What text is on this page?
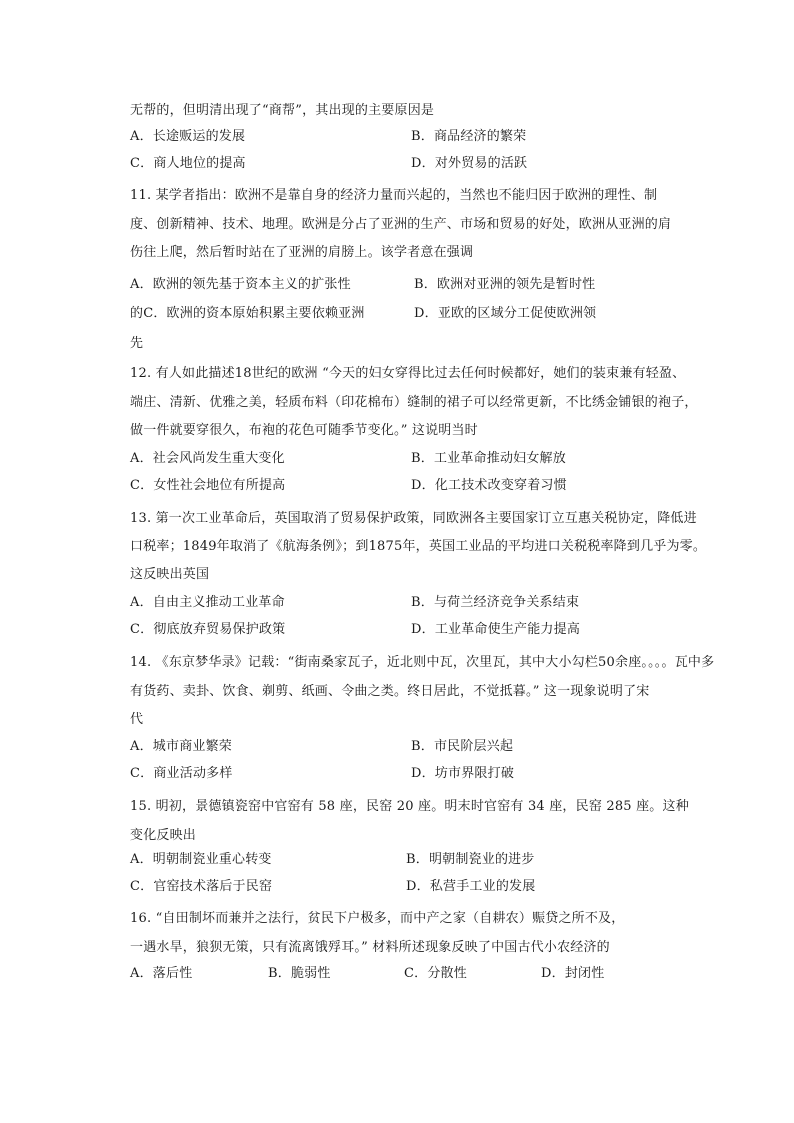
无帮的，但明清出现了“商帮”，其出现的主要原因是
A．长途贩运的发展	B．商品经济的繁荣
C．商人地位的提高	D．对外贸易的活跃
11. 某学者指出：欧洲不是靠自身的经济力量而兴起的，当然也不能归因于欧洲的理性、制
度、创新精神、技术、地理。欧洲是分占了亚洲的生产、市场和贸易的好处，欧洲从亚洲的肩
伤往上爬，然后暂时站在了亚洲的肩膀上。该学者意在强调
A．欧洲的领先基于资本主义的扩张性	B．欧洲对亚洲的领先是暂时性
的C．欧洲的资本原始积累主要依赖亚洲	D．亚欧的区域分工促使欧洲领
先
12. 有人如此描述18世纪的欧洲 “今天的妇女穿得比过去任何时候都好，她们的装束兼有轻盈、
端庄、清新、优雅之美，轻质布料（印花棉布）缝制的裙子可以经常更新，不比绣金铺银的袍子，
做一件就要穿很久，布袍的花色可随季节变化。” 这说明当时
A．社会风尚发生重大变化	B．工业革命推动妇女解放
C．女性社会地位有所提高	D．化工技术改变穿着习惯
13. 第一次工业革命后，英国取消了贸易保护政策，同欧洲各主要国家订立互惠关税协定，降低进
口税率；1849年取消了《航海条例》；到1875年，英国工业品的平均进口关税税率降到几乎为零。
这反映出英国
A．自由主义推动工业革命	B．与荷兰经济竞争关系结束
C．彻底放弃贸易保护政策	D．工业革命使生产能力提高
14. 《东京梦华录》记载：“街南桑家瓦子，近北则中瓦，次里瓦，其中大小勾栏50余座。。。。瓦中多
有货药、卖卦、饮食、剃剪、纸画、令曲之类。终日居此，不觉抵暮。” 这一现象说明了宋
代
A．城市商业繁荣	B．市民阶层兴起
C．商业活动多样	D．坊市界限打破
15. 明初，景德镇瓷窑中官窑有 58 座，民窑 20 座。明末时官窑有 34 座，民窑 285 座。这种
变化反映出
A．明朝制瓷业重心转变	B．明朝制瓷业的进步
C．官窑技术落后于民窑	D．私营手工业的发展
16. “自田制坏而兼并之法行，贫民下户极多，而中产之家（自耕农）赈贷之所不及，
一遇水旱，狼狈无策，只有流离饿殍耳。” 材料所述现象反映了中国古代小农经济的
A．落后性	B．脆弱性	C．分散性	D．封闭性
